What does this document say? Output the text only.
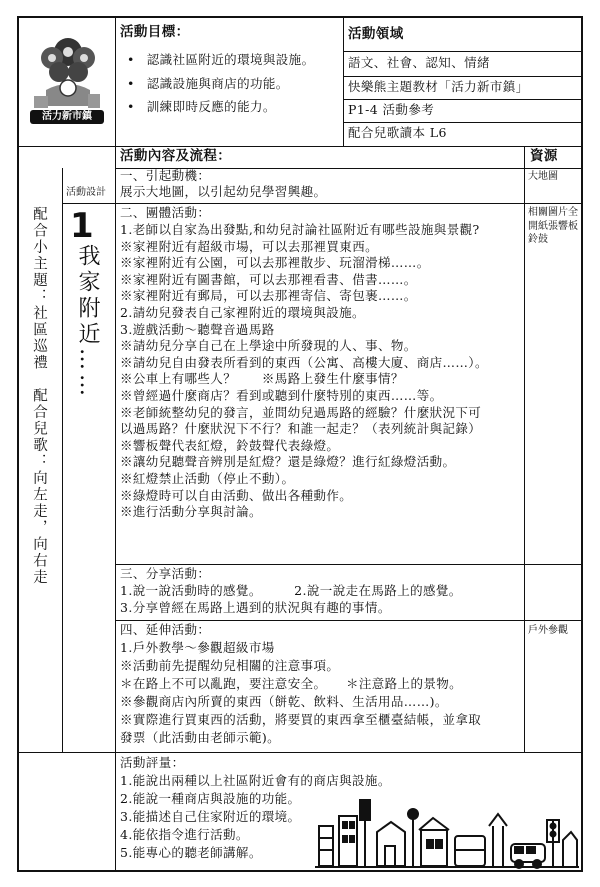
活力新市鎮
活動目標：
• 認識社區附近的環境與設施。
• 認識設施與商店的功能。
• 訓練即時反應的能力。
活動領域
語文、社會、認知、情緒
快樂熊主題教材「活力新市鎮」
P1-4 活動參考
配合兒歌讀本 L6
活動內容及流程：	資源
活動設計
1
我家附近……
配合小主題：社區巡禮　配合兒歌：向左走，向右走
一、引起動機：
展示大地圖，以引起幼兒學習興趣。
大地圖
二、團體活動：
1.老師以自家為出發點,和幼兒討論社區附近有哪些設施與景觀?
※家裡附近有超級市場，可以去那裡買東西。
※家裡附近有公園，可以去那裡散步、玩溜滑梯……。
※家裡附近有圖書館，可以去那裡看書、借書……。
※家裡附近有郵局，可以去那裡寄信、寄包裹……。
2.請幼兒發表自己家裡附近的環境與設施。
3.遊戲活動～聽聲音過馬路
※請幼兒分享自己在上學途中所發現的人、事、物。
※請幼兒自由發表所看到的東西（公寓、高樓大廈、商店……）。
※公車上有哪些人？　　※馬路上發生什麼事情？
※曾經過什麼商店？看到或聽到什麼特別的東西……等。
※老師統整幼兒的發言，並問幼兒過馬路的經驗？什麼狀況下可
以過馬路？什麼狀況下不行？和誰一起走？（表列統計與記錄）
※響板聲代表紅燈，鈴鼓聲代表綠燈。
※讓幼兒聽聲音辨別是紅燈？還是綠燈？進行紅綠燈活動。
※紅燈禁止活動（停止不動）。
※綠燈時可以自由活動、做出各種動作。
※進行活動分享與討論。
相關圖片全開紙張響板鈴鼓
三、分享活動：
1.說一說活動時的感覺。　　　2.說一說走在馬路上的感覺。
3.分享曾經在馬路上遇到的狀況與有趣的事情。
四、延伸活動：
1.戶外教學～參觀超級市場
※活動前先提醒幼兒相關的注意事項。
＊在路上不可以亂跑，要注意安全。　　＊注意路上的景物。
※參觀商店內所賣的東西（餅乾、飲料、生活用品……)。
※實際進行買東西的活動，將要買的東西拿至櫃臺結帳，並拿取
發票（此活動由老師示範)。
戶外參觀
活動評量：
1.能說出兩種以上社區附近會有的商店與設施。
2.能說一種商店與設施的功能。
3.能描述自己住家附近的環境。
4.能依指令進行活動。
5.能專心的聽老師講解。
